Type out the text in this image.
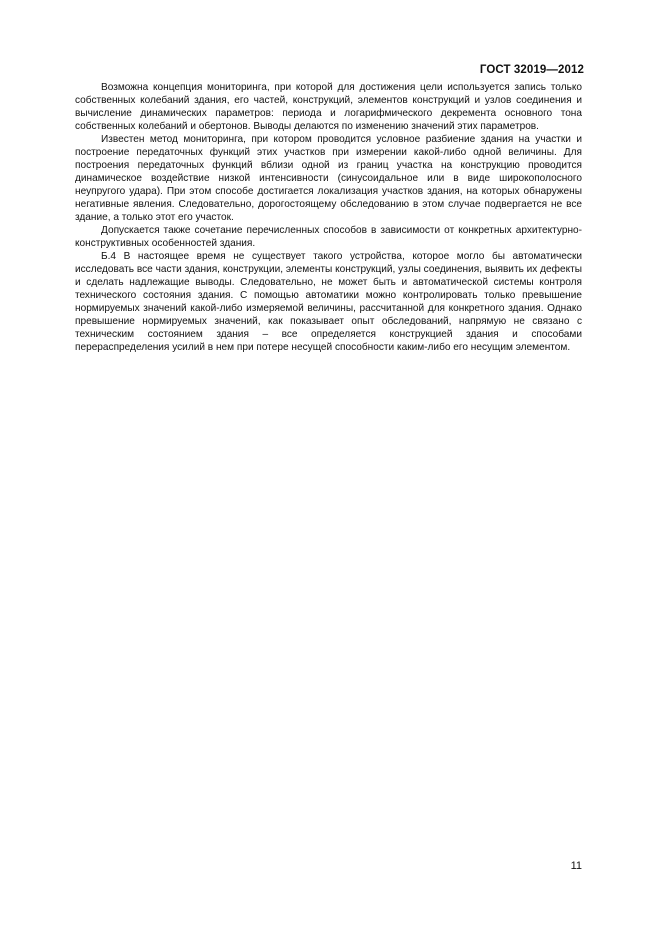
ГОСТ 32019—2012

Возможна концепция мониторинга, при которой для достижения цели используется запись только собственных колебаний здания, его частей, конструкций, элементов конструкций и узлов соединения и вычисление динамических параметров: периода и логарифмического декремента основного тона собственных колебаний и обертонов. Выводы делаются по изменению значений этих параметров.

Известен метод мониторинга, при котором проводится условное разбиение здания на участки и построение передаточных функций этих участков при измерении какой-либо одной величины. Для построения передаточных функций вблизи одной из границ участка на конструкцию проводится динамическое воздействие низкой интенсивности (синусоидальное или в виде широкополосного неупругого удара). При этом способе достигается локализация участков здания, на которых обнаружены негативные явления. Следовательно, дорогостоящему обследованию в этом случае подвергается не все здание, а только этот его участок.

Допускается также сочетание перечисленных способов в зависимости от конкретных архитектурно-конструктивных особенностей здания.

Б.4 В настоящее время не существует такого устройства, которое могло бы автоматически исследовать все части здания, конструкции, элементы конструкций, узлы соединения, выявить их дефекты и сделать надлежащие выводы. Следовательно, не может быть и автоматической системы контроля технического состояния здания. С помощью автоматики можно контролировать только превышение нормируемых значений какой-либо измеряемой величины, рассчитанной для конкретного здания. Однако превышение нормируемых значений, как показывает опыт обследований, напрямую не связано с техническим состоянием здания – все определяется конструкцией здания и способами перераспределения усилий в нем при потере несущей способности каким-либо его несущим элементом.

11
